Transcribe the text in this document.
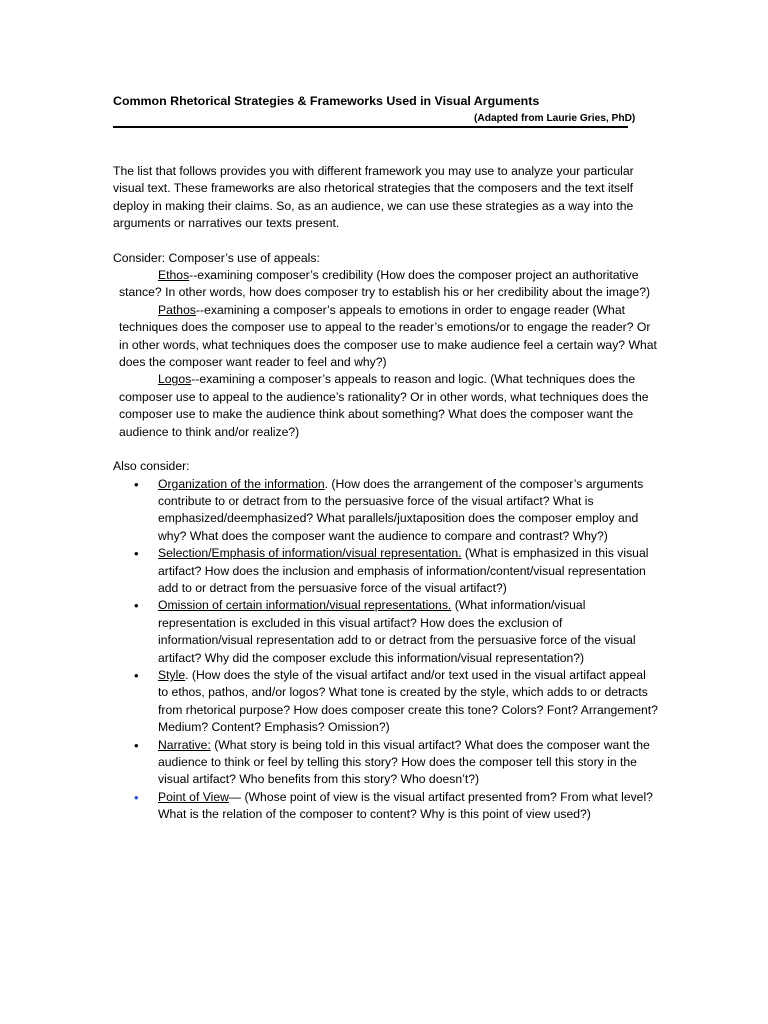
Common Rhetorical Strategies & Frameworks Used in Visual Arguments
(Adapted from Laurie Gries, PhD)

The list that follows provides you with different framework you may use to analyze your particular visual text. These frameworks are also rhetorical strategies that the composers and the text itself deploy in making their claims. So, as an audience, we can use these strategies as a way into the arguments or narratives our texts present.

Consider: Composer’s use of appeals:

Ethos--examining composer’s credibility (How does the composer project an authoritative stance? In other words, how does composer try to establish his or her credibility about the image?)

Pathos--examining a composer’s appeals to emotions in order to engage reader (What techniques does the composer use to appeal to the reader’s emotions/or to engage the reader? Or in other words, what techniques does the composer use to make audience feel a certain way? What does the composer want reader to feel and why?)

Logos--examining a composer’s appeals to reason and logic. (What techniques does the composer use to appeal to the audience’s rationality? Or in other words, what techniques does the composer use to make the audience think about something? What does the composer want the audience to think and/or realize?)

Also consider:

•	Organization of the information. (How does the arrangement of the composer’s arguments contribute to or detract from to the persuasive force of the visual artifact? What is emphasized/deemphasized? What parallels/juxtaposition does the composer employ and why? What does the composer want the audience to compare and contrast? Why?)
•	Selection/Emphasis of information/visual representation. (What is emphasized in this visual artifact? How does the inclusion and emphasis of information/content/visual representation add to or detract from the persuasive force of the visual artifact?)
•	Omission of certain information/visual representations. (What information/visual representation is excluded in this visual artifact? How does the exclusion of information/visual representation add to or detract from the persuasive force of the visual artifact? Why did the composer exclude this information/visual representation?)
•	Style. (How does the style of the visual artifact and/or text used in the visual artifact appeal to ethos, pathos, and/or logos? What tone is created by the style, which adds to or detracts from rhetorical purpose? How does composer create this tone? Colors? Font? Arrangement? Medium? Content? Emphasis? Omission?)
•	Narrative: (What story is being told in this visual artifact? What does the composer want the audience to think or feel by telling this story? How does the composer tell this story in the visual artifact? Who benefits from this story? Who doesn’t?)
•	Point of View— (Whose point of view is the visual artifact presented from? From what level? What is the relation of the composer to content? Why is this point of view used?)
